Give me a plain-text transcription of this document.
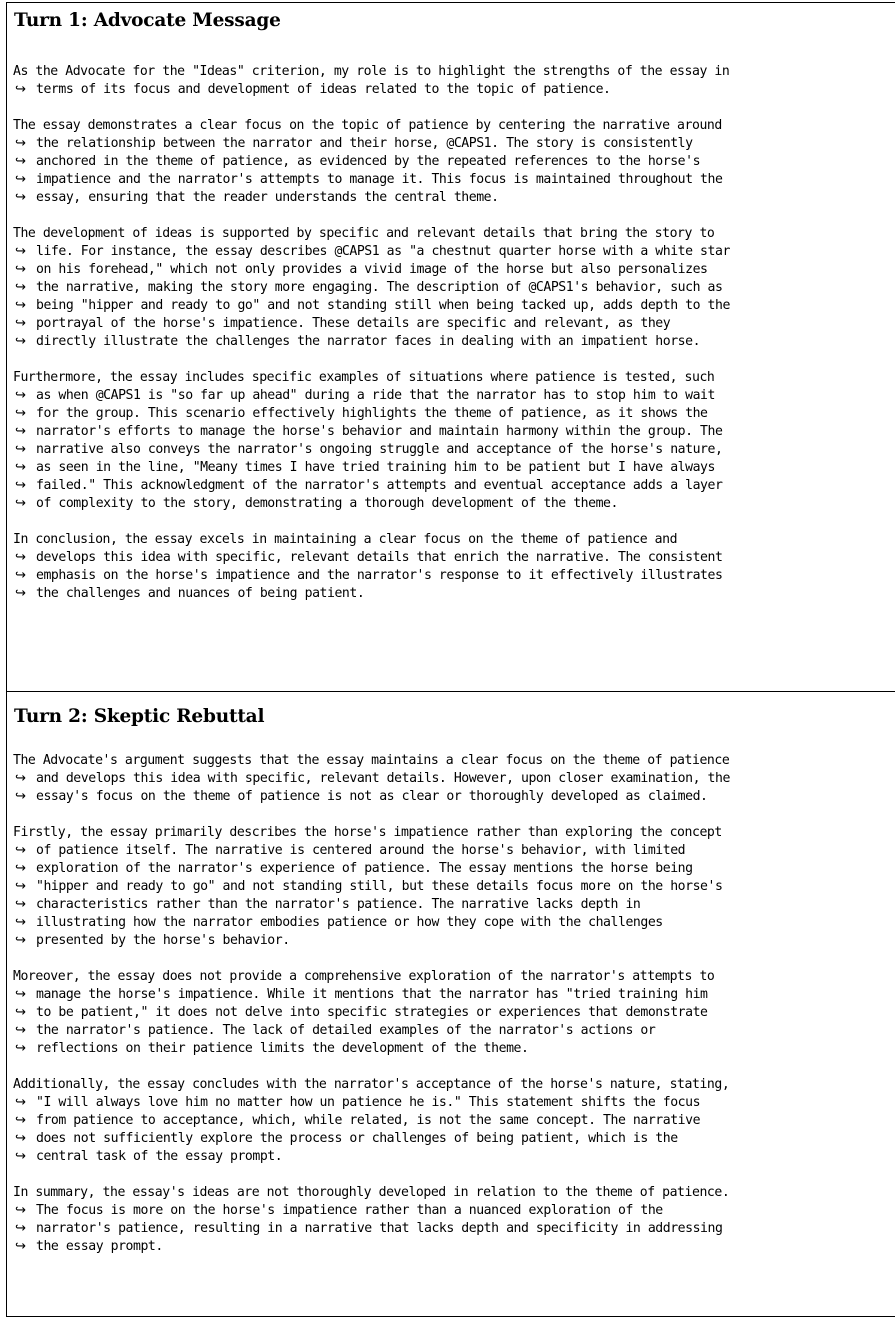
Turn 1: Advocate Message
As the Advocate for the "Ideas" criterion, my role is to highlight the strengths of the essay in
↪ terms of its focus and development of ideas related to the topic of patience.
The essay demonstrates a clear focus on the topic of patience by centering the narrative around
↪ the relationship between the narrator and their horse, @CAPS1. The story is consistently
↪ anchored in the theme of patience, as evidenced by the repeated references to the horse's
↪ impatience and the narrator's attempts to manage it. This focus is maintained throughout the
↪ essay, ensuring that the reader understands the central theme.
The development of ideas is supported by specific and relevant details that bring the story to
↪ life. For instance, the essay describes @CAPS1 as "a chestnut quarter horse with a white star
↪ on his forehead," which not only provides a vivid image of the horse but also personalizes
↪ the narrative, making the story more engaging. The description of @CAPS1's behavior, such as
↪ being "hipper and ready to go" and not standing still when being tacked up, adds depth to the
↪ portrayal of the horse's impatience. These details are specific and relevant, as they
↪ directly illustrate the challenges the narrator faces in dealing with an impatient horse.
Furthermore, the essay includes specific examples of situations where patience is tested, such
↪ as when @CAPS1 is "so far up ahead" during a ride that the narrator has to stop him to wait
↪ for the group. This scenario effectively highlights the theme of patience, as it shows the
↪ narrator's efforts to manage the horse's behavior and maintain harmony within the group. The
↪ narrative also conveys the narrator's ongoing struggle and acceptance of the horse's nature,
↪ as seen in the line, "Meany times I have tried training him to be patient but I have always
↪ failed." This acknowledgment of the narrator's attempts and eventual acceptance adds a layer
↪ of complexity to the story, demonstrating a thorough development of the theme.
In conclusion, the essay excels in maintaining a clear focus on the theme of patience and
↪ develops this idea with specific, relevant details that enrich the narrative. The consistent
↪ emphasis on the horse's impatience and the narrator's response to it effectively illustrates
↪ the challenges and nuances of being patient.
Turn 2: Skeptic Rebuttal
The Advocate's argument suggests that the essay maintains a clear focus on the theme of patience
↪ and develops this idea with specific, relevant details. However, upon closer examination, the
↪ essay's focus on the theme of patience is not as clear or thoroughly developed as claimed.
Firstly, the essay primarily describes the horse's impatience rather than exploring the concept
↪ of patience itself. The narrative is centered around the horse's behavior, with limited
↪ exploration of the narrator's experience of patience. The essay mentions the horse being
↪ "hipper and ready to go" and not standing still, but these details focus more on the horse's
↪ characteristics rather than the narrator's patience. The narrative lacks depth in
↪ illustrating how the narrator embodies patience or how they cope with the challenges
↪ presented by the horse's behavior.
Moreover, the essay does not provide a comprehensive exploration of the narrator's attempts to
↪ manage the horse's impatience. While it mentions that the narrator has "tried training him
↪ to be patient," it does not delve into specific strategies or experiences that demonstrate
↪ the narrator's patience. The lack of detailed examples of the narrator's actions or
↪ reflections on their patience limits the development of the theme.
Additionally, the essay concludes with the narrator's acceptance of the horse's nature, stating,
↪ "I will always love him no matter how un patience he is." This statement shifts the focus
↪ from patience to acceptance, which, while related, is not the same concept. The narrative
↪ does not sufficiently explore the process or challenges of being patient, which is the
↪ central task of the essay prompt.
In summary, the essay's ideas are not thoroughly developed in relation to the theme of patience.
↪ The focus is more on the horse's impatience rather than a nuanced exploration of the
↪ narrator's patience, resulting in a narrative that lacks depth and specificity in addressing
↪ the essay prompt.
